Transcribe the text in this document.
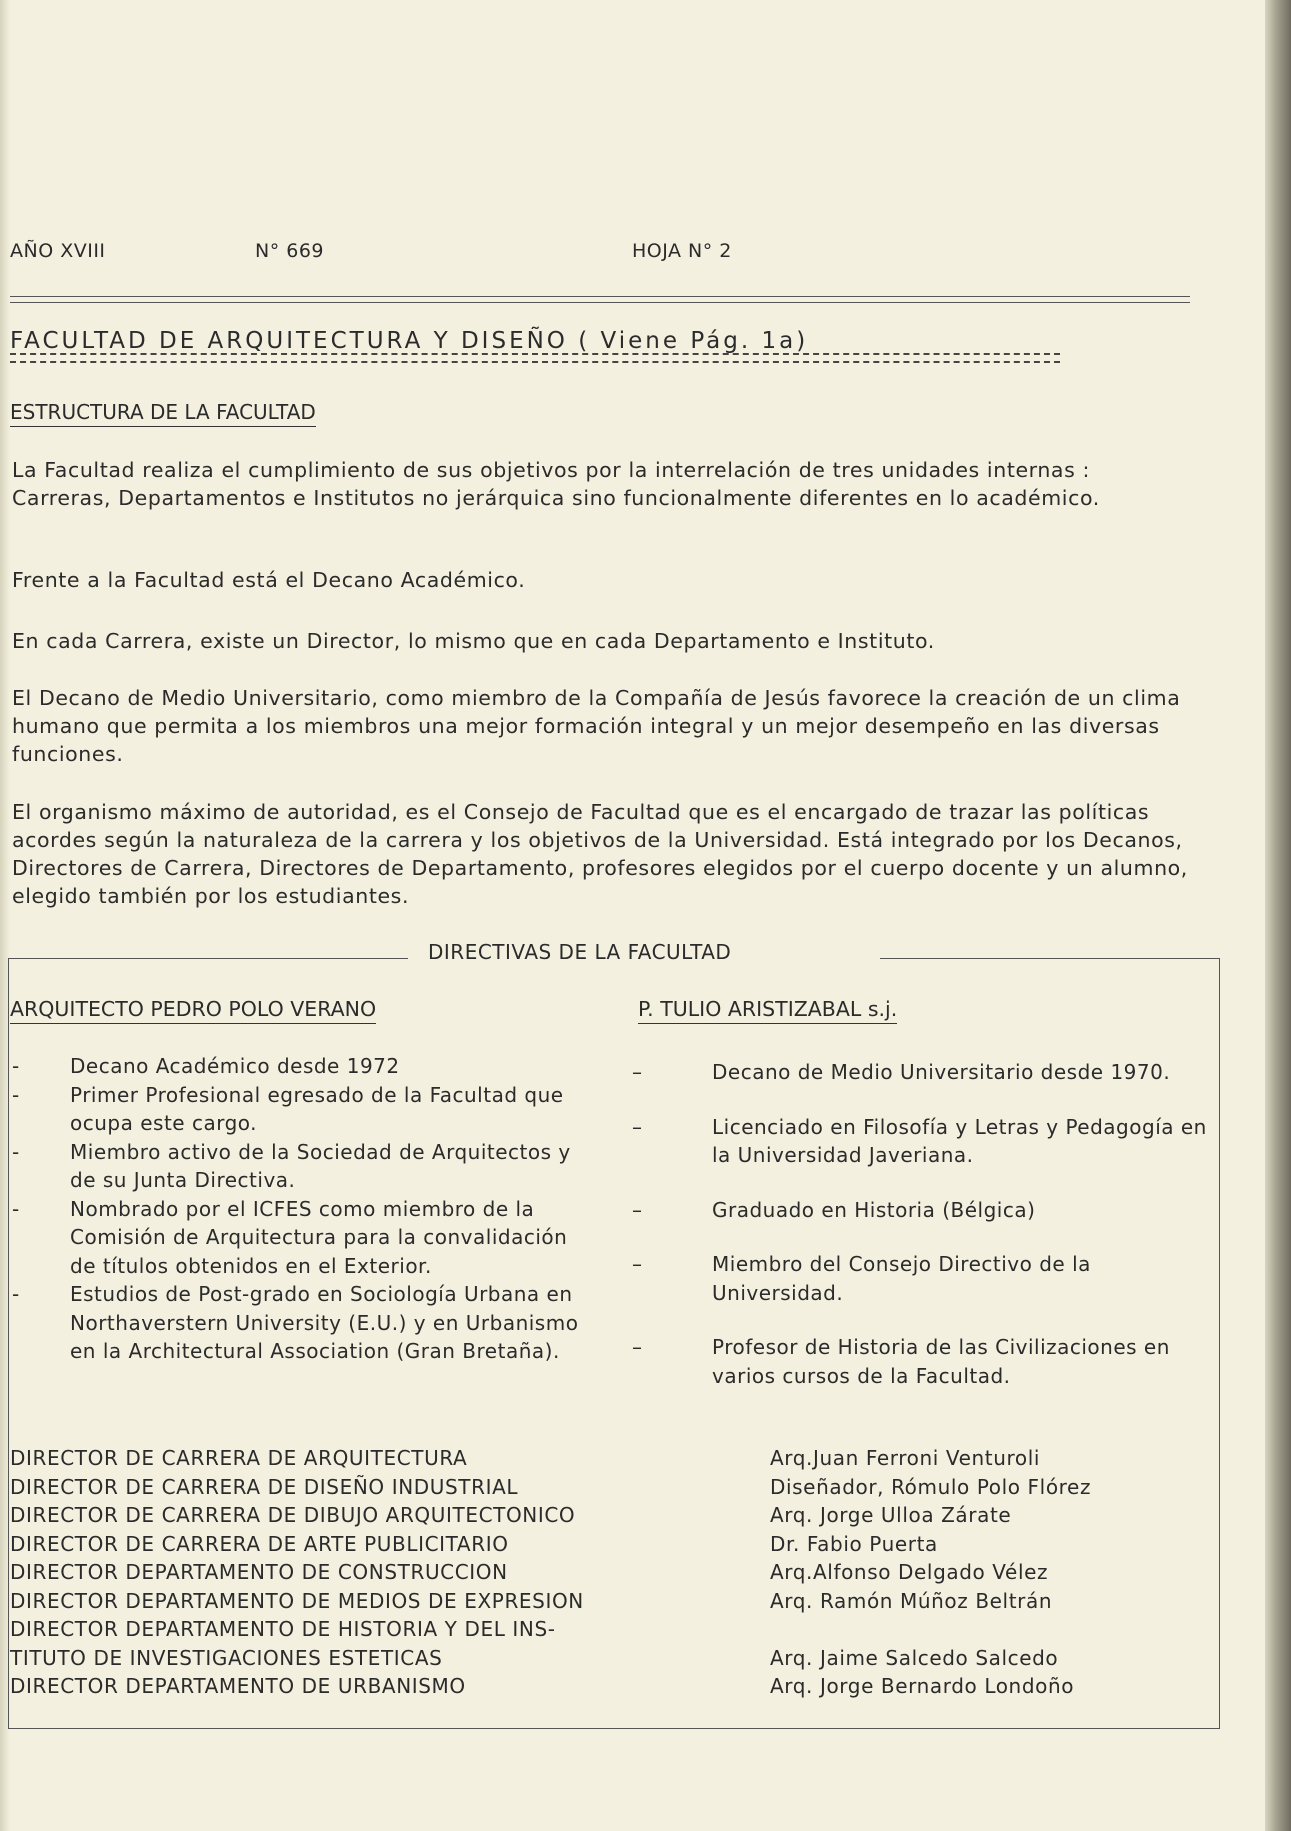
AÑO XVIII	N° 669	HOJA N° 2
FACULTAD DE ARQUITECTURA Y DISEÑO ( Viene Pág. 1a)
ESTRUCTURA DE LA FACULTAD

La Facultad realiza el cumplimiento de sus objetivos por la interrelación de tres unidades internas : Carreras, Departamentos e Institutos no jerárquica sino funcionalmente diferentes en lo académico.

Frente a la Facultad está el Decano Académico.

En cada Carrera, existe un Director, lo mismo que en cada Departamento e Instituto.

El Decano de Medio Universitario, como miembro de la Compañía de Jesús favorece la creación de un clima humano que permita a los miembros una mejor formación integral y un mejor desempeño en las diversas funciones.

El organismo máximo de autoridad, es el Consejo de Facultad que es el encargado de trazar las políticas acordes según la naturaleza de la carrera y los objetivos de la Universidad. Está integrado por los Decanos, Directores de Carrera, Directores de Departamento, profesores elegidos por el cuerpo docente y un alumno, elegido también por los estudiantes.

DIRECTIVAS DE LA FACULTAD
ARQUITECTO PEDRO POLO VERANO	P. TULIO ARISTIZABAL s.j.
-	Decano Académico desde 1972
-	Primer Profesional egresado de la Facultad que ocupa este cargo.
-	Miembro activo de la Sociedad de Arquitectos y de su Junta Directiva.
-	Nombrado por el ICFES como miembro de la Comisión de Arquitectura para la convalidación de títulos obtenidos en el Exterior.
-	Estudios de Post-grado en Sociología Urbana en Northaverstern University (E.U.) y en Urbanismo en la Architectural Association (Gran Bretaña).
–	Decano de Medio Universitario desde 1970.
–	Licenciado en Filosofía y Letras y Pedagogía en la Universidad Javeriana.
–	Graduado en Historia (Bélgica)
–	Miembro del Consejo Directivo de la Universidad.
–	Profesor de Historia de las Civilizaciones en varios cursos de la Facultad.
DIRECTOR DE CARRERA DE ARQUITECTURA	Arq.Juan Ferroni Venturoli
DIRECTOR DE CARRERA DE DISEÑO INDUSTRIAL	Diseñador, Rómulo Polo Flórez
DIRECTOR DE CARRERA DE DIBUJO ARQUITECTONICO	Arq. Jorge Ulloa Zárate
DIRECTOR DE CARRERA DE ARTE PUBLICITARIO	Dr. Fabio Puerta
DIRECTOR DEPARTAMENTO DE CONSTRUCCION	Arq.Alfonso Delgado Vélez
DIRECTOR DEPARTAMENTO DE MEDIOS DE EXPRESION	Arq. Ramón Múñoz Beltrán
DIRECTOR DEPARTAMENTO DE HISTORIA Y DEL INS-
TITUTO DE INVESTIGACIONES ESTETICAS	Arq. Jaime Salcedo Salcedo
DIRECTOR DEPARTAMENTO DE URBANISMO	Arq. Jorge Bernardo Londoño
